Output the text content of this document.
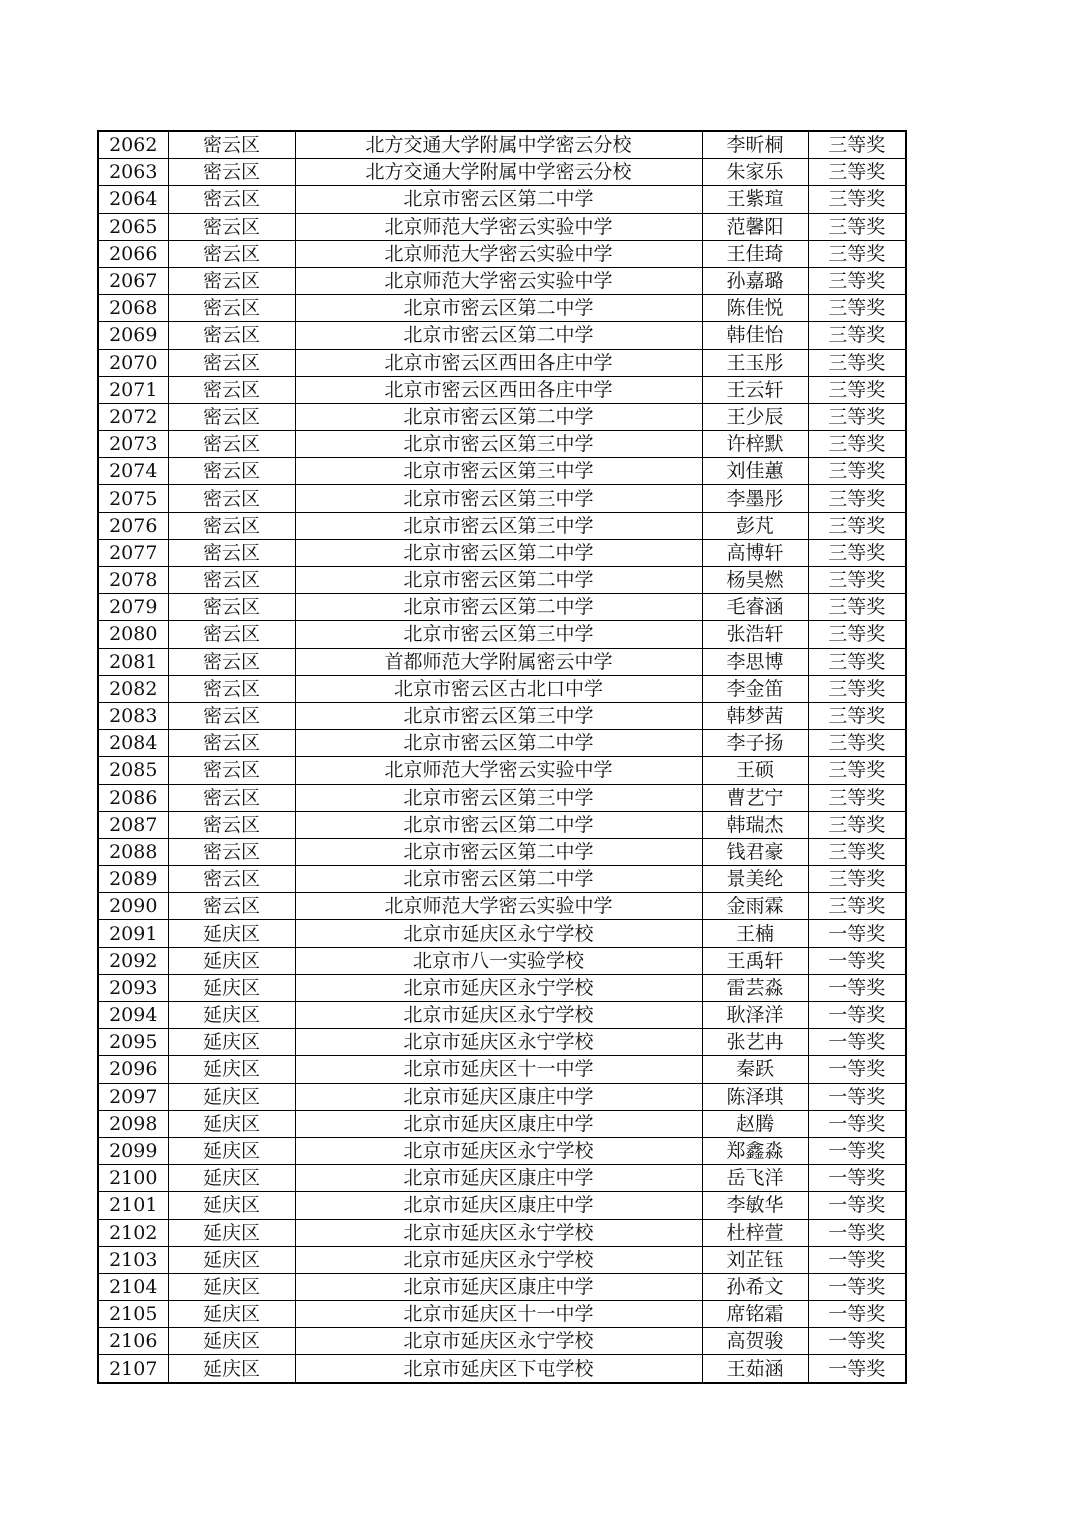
2062	密云区	北方交通大学附属中学密云分校	李昕桐	三等奖
2063	密云区	北方交通大学附属中学密云分校	朱家乐	三等奖
2064	密云区	北京市密云区第二中学	王紫瑄	三等奖
2065	密云区	北京师范大学密云实验中学	范馨阳	三等奖
2066	密云区	北京师范大学密云实验中学	王佳琦	三等奖
2067	密云区	北京师范大学密云实验中学	孙嘉璐	三等奖
2068	密云区	北京市密云区第二中学	陈佳悦	三等奖
2069	密云区	北京市密云区第二中学	韩佳怡	三等奖
2070	密云区	北京市密云区西田各庄中学	王玉彤	三等奖
2071	密云区	北京市密云区西田各庄中学	王云轩	三等奖
2072	密云区	北京市密云区第二中学	王少辰	三等奖
2073	密云区	北京市密云区第三中学	许梓默	三等奖
2074	密云区	北京市密云区第三中学	刘佳蕙	三等奖
2075	密云区	北京市密云区第三中学	李墨彤	三等奖
2076	密云区	北京市密云区第三中学	彭芃	三等奖
2077	密云区	北京市密云区第二中学	高博轩	三等奖
2078	密云区	北京市密云区第二中学	杨昊燃	三等奖
2079	密云区	北京市密云区第二中学	毛睿涵	三等奖
2080	密云区	北京市密云区第三中学	张浩轩	三等奖
2081	密云区	首都师范大学附属密云中学	李思博	三等奖
2082	密云区	北京市密云区古北口中学	李金笛	三等奖
2083	密云区	北京市密云区第三中学	韩梦茜	三等奖
2084	密云区	北京市密云区第二中学	李子扬	三等奖
2085	密云区	北京师范大学密云实验中学	王硕	三等奖
2086	密云区	北京市密云区第三中学	曹艺宁	三等奖
2087	密云区	北京市密云区第二中学	韩瑞杰	三等奖
2088	密云区	北京市密云区第二中学	钱君豪	三等奖
2089	密云区	北京市密云区第二中学	景美纶	三等奖
2090	密云区	北京师范大学密云实验中学	金雨霖	三等奖
2091	延庆区	北京市延庆区永宁学校	王楠	一等奖
2092	延庆区	北京市八一实验学校	王禹轩	一等奖
2093	延庆区	北京市延庆区永宁学校	雷芸淼	一等奖
2094	延庆区	北京市延庆区永宁学校	耿泽洋	一等奖
2095	延庆区	北京市延庆区永宁学校	张艺冉	一等奖
2096	延庆区	北京市延庆区十一中学	秦跃	一等奖
2097	延庆区	北京市延庆区康庄中学	陈泽琪	一等奖
2098	延庆区	北京市延庆区康庄中学	赵腾	一等奖
2099	延庆区	北京市延庆区永宁学校	郑鑫淼	一等奖
2100	延庆区	北京市延庆区康庄中学	岳飞洋	一等奖
2101	延庆区	北京市延庆区康庄中学	李敏华	一等奖
2102	延庆区	北京市延庆区永宁学校	杜梓萱	一等奖
2103	延庆区	北京市延庆区永宁学校	刘芷钰	一等奖
2104	延庆区	北京市延庆区康庄中学	孙希文	一等奖
2105	延庆区	北京市延庆区十一中学	席铭霜	一等奖
2106	延庆区	北京市延庆区永宁学校	高贺骏	一等奖
2107	延庆区	北京市延庆区下屯学校	王茹涵	一等奖
